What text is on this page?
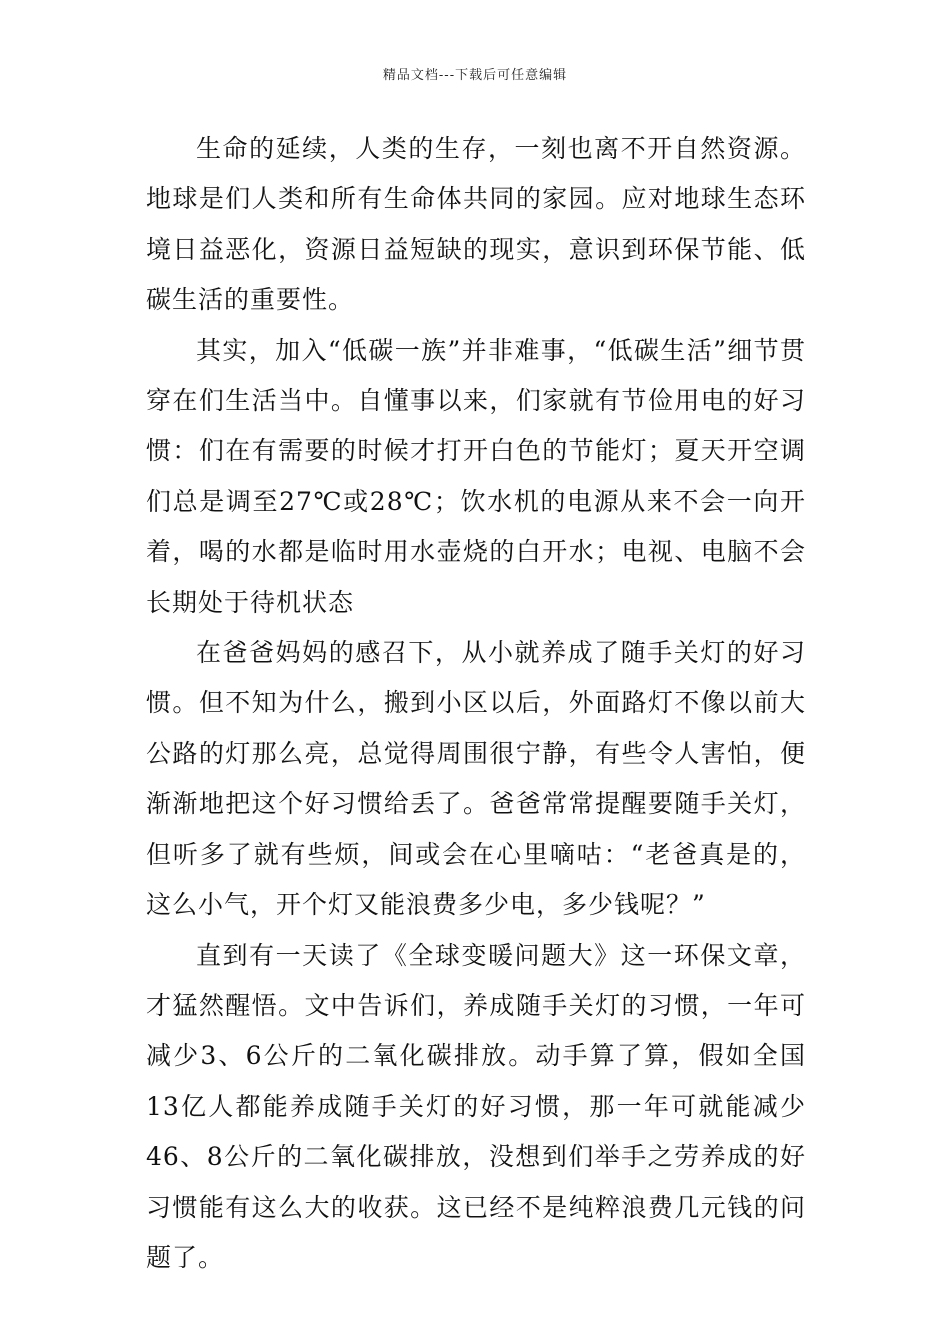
精品文档---下载后可任意编辑

生命的延续，人类的生存，一刻也离不开自然资源。地球是们人类和所有生命体共同的家园。应对地球生态环境日益恶化，资源日益短缺的现实，意识到环保节能、低碳生活的重要性。

其实，加入“低碳一族”并非难事，“低碳生活”细节贯穿在们生活当中。自懂事以来，们家就有节俭用电的好习惯：们在有需要的时候才打开白色的节能灯；夏天开空调们总是调至27℃或28℃；饮水机的电源从来不会一向开着，喝的水都是临时用水壶烧的白开水；电视、电脑不会长期处于待机状态

在爸爸妈妈的感召下，从小就养成了随手关灯的好习惯。但不知为什么，搬到小区以后，外面路灯不像以前大公路的灯那么亮，总觉得周围很宁静，有些令人害怕，便渐渐地把这个好习惯给丢了。爸爸常常提醒要随手关灯，但听多了就有些烦，间或会在心里嘀咕：“老爸真是的，这么小气，开个灯又能浪费多少电，多少钱呢？”

直到有一天读了《全球变暖问题大》这一环保文章，才猛然醒悟。文中告诉们，养成随手关灯的习惯，一年可减少3、6公斤的二氧化碳排放。动手算了算，假如全国13亿人都能养成随手关灯的好习惯，那一年可就能减少46、8公斤的二氧化碳排放，没想到们举手之劳养成的好习惯能有这么大的收获。这已经不是纯粹浪费几元钱的问题了。
